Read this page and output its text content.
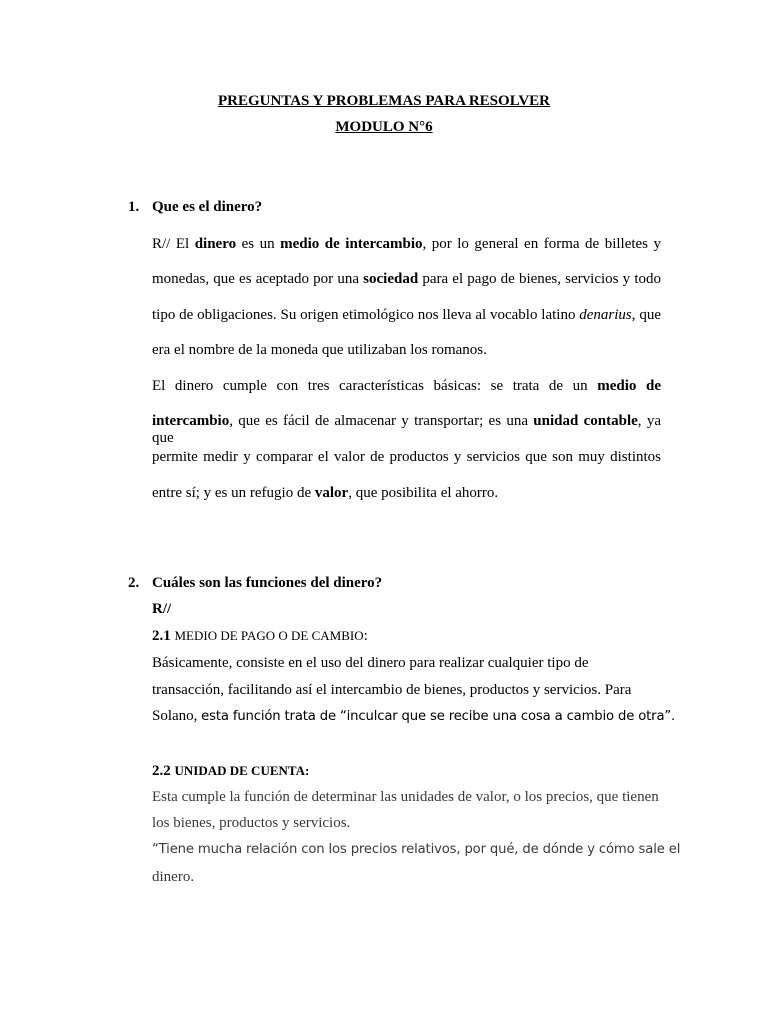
PREGUNTAS Y PROBLEMAS PARA RESOLVER
MODULO N°6
1. Que es el dinero?
R// El dinero es un medio de intercambio, por lo general en forma de billetes y
monedas, que es aceptado por una sociedad para el pago de bienes, servicios y todo
tipo de obligaciones. Su origen etimológico nos lleva al vocablo latino denarius, que
era el nombre de la moneda que utilizaban los romanos.
El dinero cumple con tres características básicas: se trata de un medio de
intercambio, que es fácil de almacenar y transportar; es una unidad contable, ya que
permite medir y comparar el valor de productos y servicios que son muy distintos
entre sí; y es un refugio de valor, que posibilita el ahorro.
2. Cuáles son las funciones del dinero?
R//
2.1 MEDIO DE PAGO O DE CAMBIO:
Básicamente, consiste en el uso del dinero para realizar cualquier tipo de
transacción, facilitando así el intercambio de bienes, productos y servicios. Para
Solano, esta función trata de “inculcar que se recibe una cosa a cambio de otra”.
2.2 UNIDAD DE CUENTA:
Esta cumple la función de determinar las unidades de valor, o los precios, que tienen
los bienes, productos y servicios.
“Tiene mucha relación con los precios relativos, por qué, de dónde y cómo sale el
dinero.
